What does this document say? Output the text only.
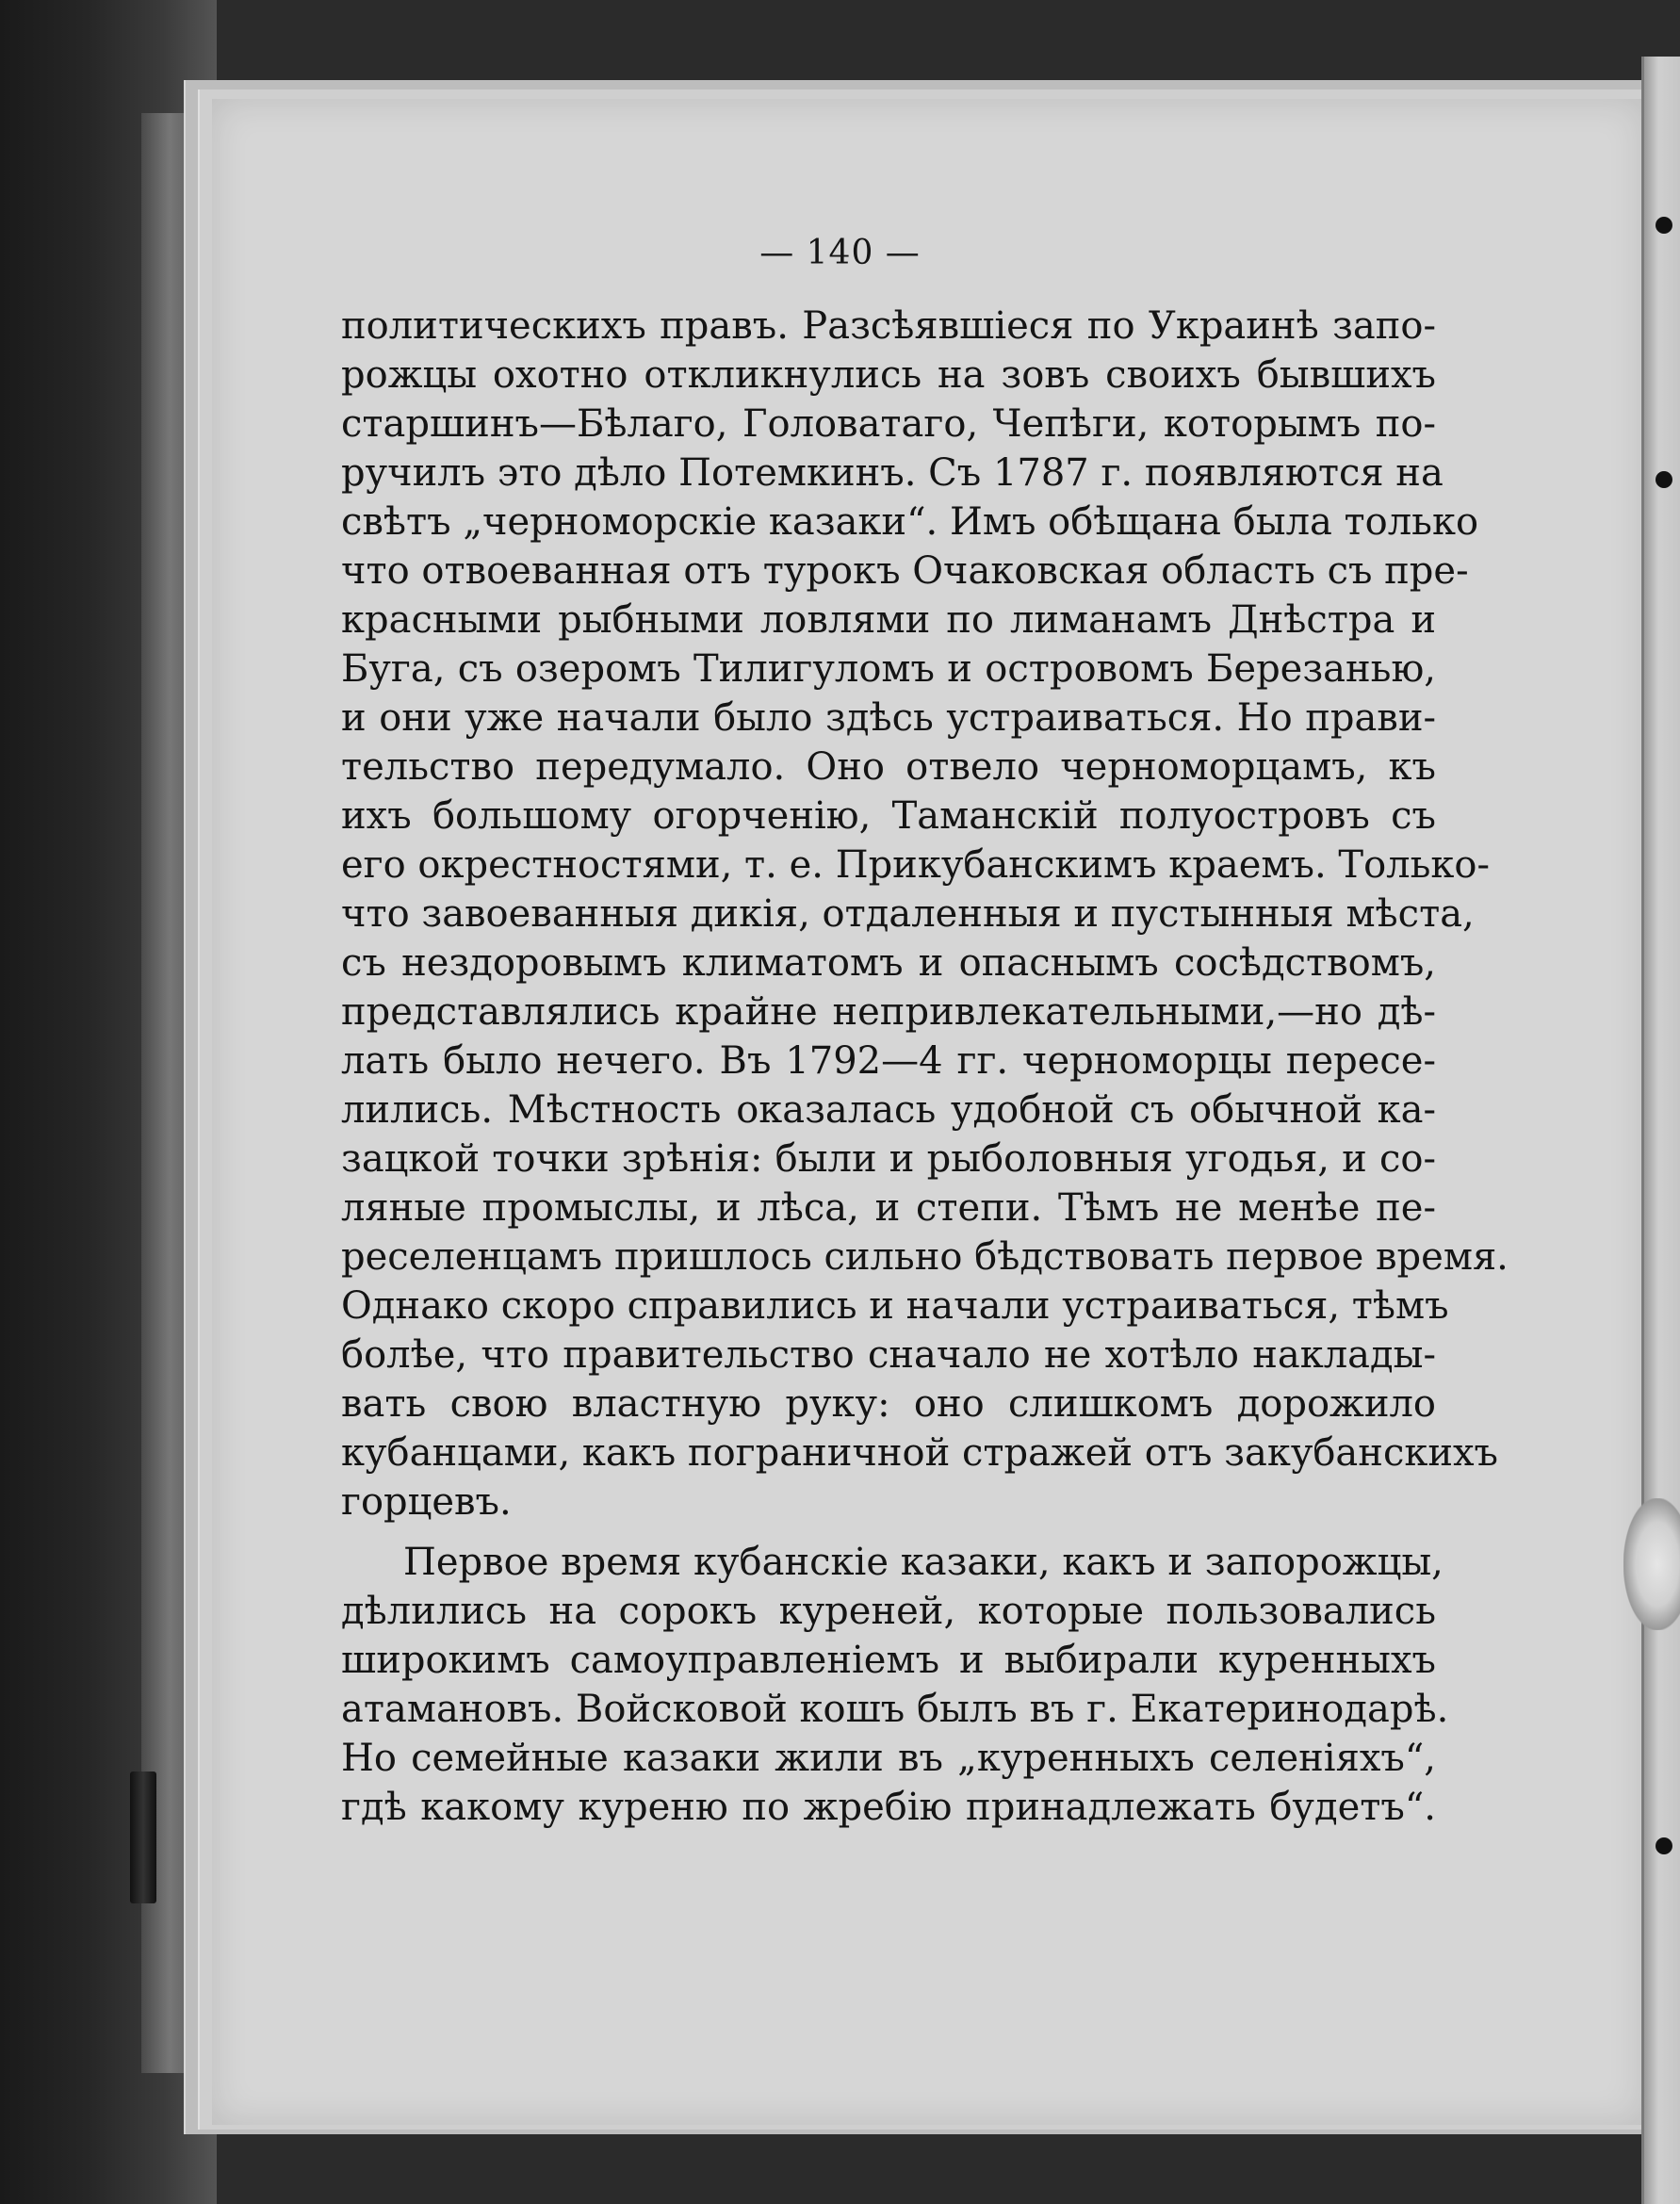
— 140 —
политическихъ правъ. Разсѣявшіеся по Украинѣ запо-
рожцы охотно откликнулись на зовъ своихъ бывшихъ
старшинъ—Бѣлаго, Головатаго, Чепѣги, которымъ по-
ручилъ это дѣло Потемкинъ. Съ 1787 г. появляются на
свѣтъ „черноморскіе казаки“. Имъ обѣщана была только
что отвоеванная отъ турокъ Очаковская область съ пре-
красными рыбными ловлями по лиманамъ Днѣстра и
Буга, съ озеромъ Тилигуломъ и островомъ Березанью,
и они уже начали было здѣсь устраиваться. Но прави-
тельство передумало. Оно отвело черноморцамъ, къ
ихъ большому огорченію, Таманскій полуостровъ съ
его окрестностями, т. е. Прикубанскимъ краемъ. Только-
что завоеванныя дикія, отдаленныя и пустынныя мѣста,
съ нездоровымъ климатомъ и опаснымъ сосѣдствомъ,
представлялись крайне непривлекательными,—но дѣ-
лать было нечего. Въ 1792—4 гг. черноморцы пересе-
лились. Мѣстность оказалась удобной съ обычной ка-
зацкой точки зрѣнія: были и рыболовныя угодья, и со-
ляные промыслы, и лѣса, и степи. Тѣмъ не менѣе пе-
реселенцамъ пришлось сильно бѣдствовать первое время.
Однако скоро справились и начали устраиваться, тѣмъ
болѣе, что правительство сначало не хотѣло наклады-
вать свою властную руку: оно слишкомъ дорожило
кубанцами, какъ пограничной стражей отъ закубанскихъ
горцевъ.
Первое время кубанскіе казаки, какъ и запорожцы,
дѣлились на сорокъ куреней, которые пользовались
широкимъ самоуправленіемъ и выбирали куренныхъ
атамановъ. Войсковой кошъ былъ въ г. Екатеринодарѣ.
Но семейные казаки жили въ „куренныхъ селеніяхъ“,
гдѣ какому куреню по жребію принадлежать будетъ“.
